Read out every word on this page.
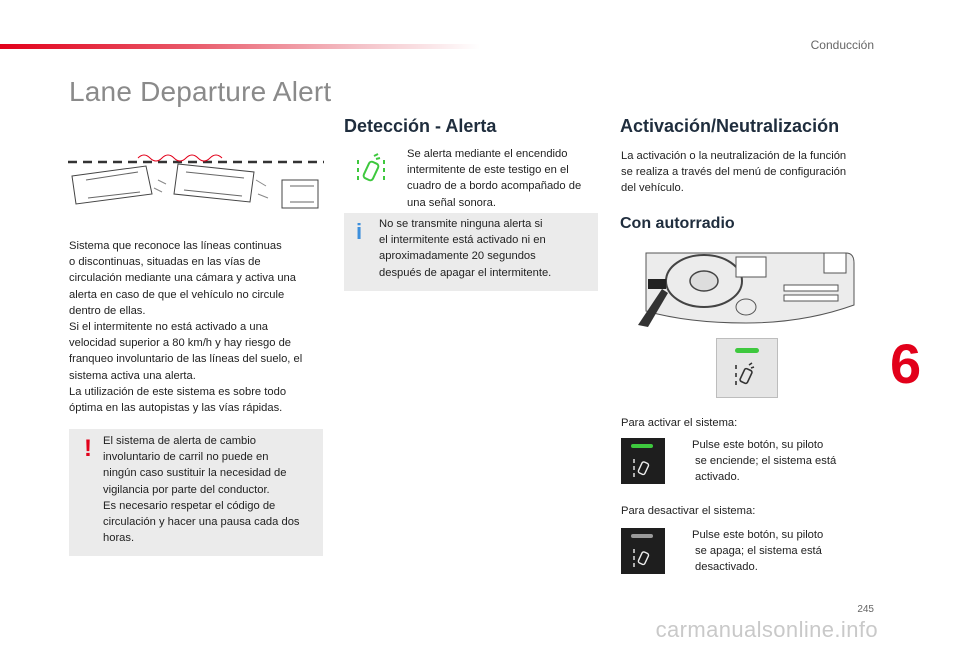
Conducción
Lane Departure Alert
Sistema que reconoce las líneas continuas
o discontinuas, situadas en las vías de
circulación mediante una cámara y activa una
alerta en caso de que el vehículo no circule
dentro de ellas.
Si el intermitente no está activado a una
velocidad superior a 80 km/h y hay riesgo de
franqueo involuntario de las líneas del suelo, el
sistema activa una alerta.
La utilización de este sistema es sobre todo
óptima en las autopistas y las vías rápidas.
! El sistema de alerta de cambio
involuntario de carril no puede en
ningún caso sustituir la necesidad de
vigilancia por parte del conductor.
Es necesario respetar el código de
circulación y hacer una pausa cada dos
horas.
Detección - Alerta
Se alerta mediante el encendido
intermitente de este testigo en el
cuadro de a bordo acompañado de
una señal sonora.
i No se transmite ninguna alerta si
el intermitente está activado ni en
aproximadamente 20 segundos
después de apagar el intermitente.
Activación/Neutralización
La activación o la neutralización de la función
se realiza a través del menú de configuración
del vehículo.
Con autorradio
Para activar el sistema:
Pulse este botón, su piloto
se enciende; el sistema está
activado.
Para desactivar el sistema:
Pulse este botón, su piloto
se apaga; el sistema está
desactivado.
6
245
carmanualsonline.info
